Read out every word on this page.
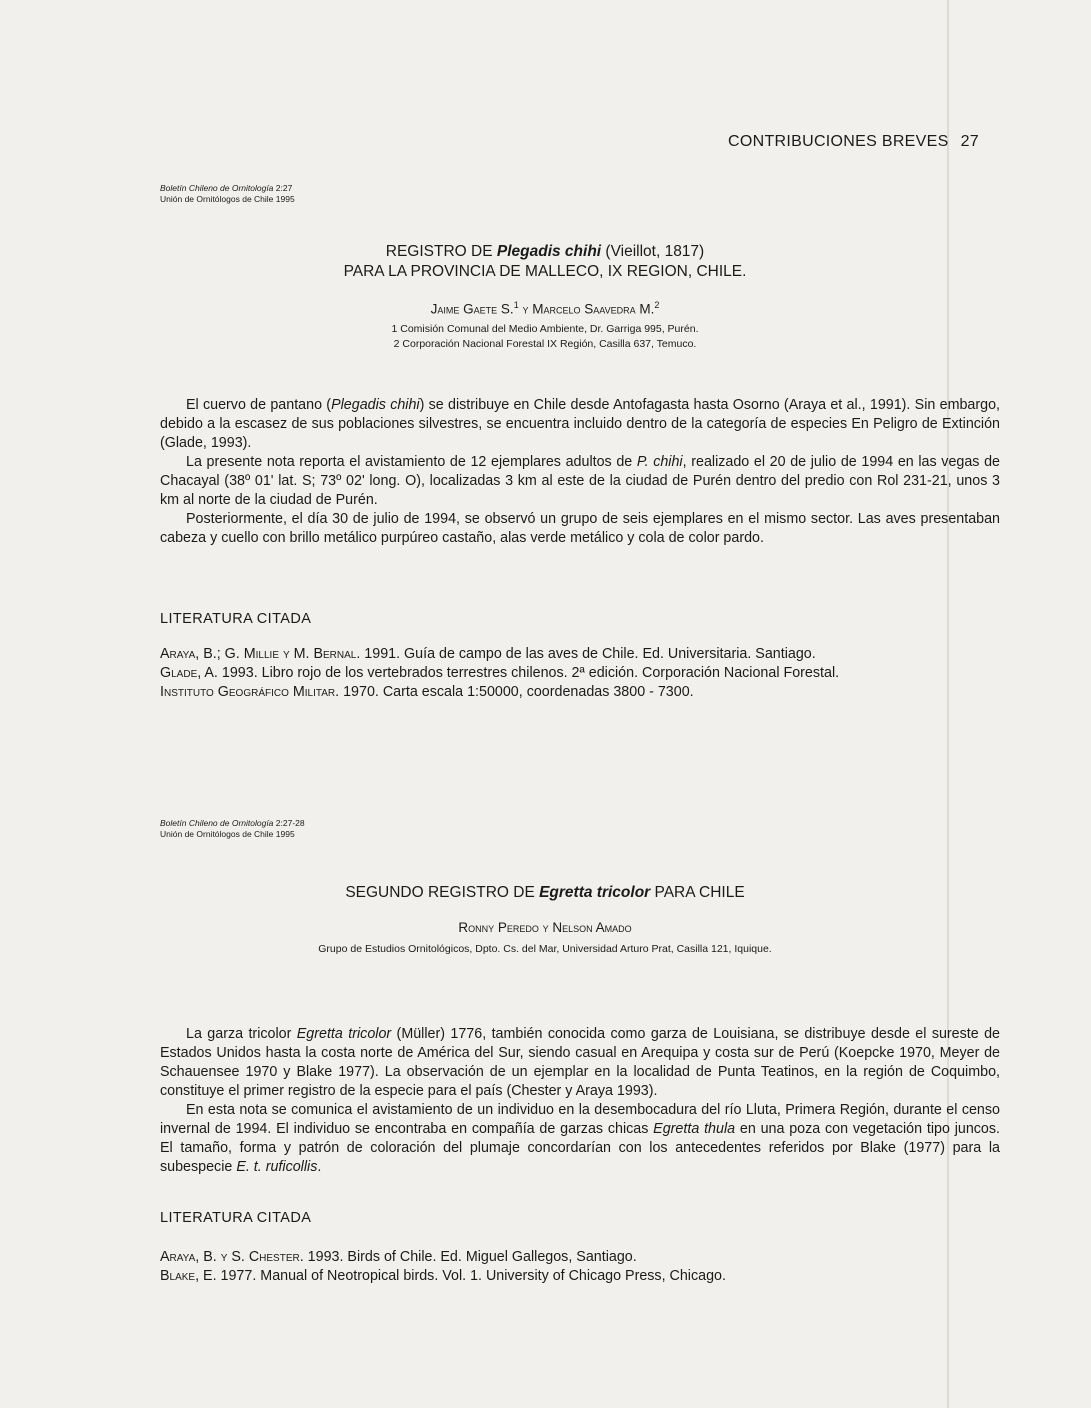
CONTRIBUCIONES BREVES 27
Boletín Chileno de Ornitología 2:27
Unión de Ornitólogos de Chile 1995
REGISTRO DE Plegadis chihi (Vieillot, 1817)
PARA LA PROVINCIA DE MALLECO, IX REGION, CHILE.
Jaime Gaete S.$^1$ y Marcelo Saavedra M.$^2$
1 Comisión Comunal del Medio Ambiente, Dr. Garriga 995, Purén.
2 Corporación Nacional Forestal IX Región, Casilla 637, Temuco.

El cuervo de pantano (Plegadis chihi) se distribuye en Chile desde Antofagasta hasta Osorno (Araya et al., 1991). Sin embargo, debido a la escasez de sus poblaciones silvestres, se encuentra incluido dentro de la categoría de especies En Peligro de Extinción (Glade, 1993).

La presente nota reporta el avistamiento de 12 ejemplares adultos de P. chihi, realizado el 20 de julio de 1994 en las vegas de Chacayal (38º 01' lat. S; 73º 02' long. O), localizadas 3 km al este de la ciudad de Purén dentro del predio con Rol 231-21, unos 3 km al norte de la ciudad de Purén.

Posteriormente, el día 30 de julio de 1994, se observó un grupo de seis ejemplares en el mismo sector. Las aves presentaban cabeza y cuello con brillo metálico purpúreo castaño, alas verde metálico y cola de color pardo.

LITERATURA CITADA

Araya, B.; G. Millie y M. Bernal. 1991. Guía de campo de las aves de Chile. Ed. Universitaria. Santiago.

Glade, A. 1993. Libro rojo de los vertebrados terrestres chilenos. 2ª edición. Corporación Nacional Forestal.

Instituto Geográfico Militar. 1970. Carta escala 1:50000, coordenadas 3800 - 7300.

Boletín Chileno de Ornitología 2:27-28
Unión de Ornitólogos de Chile 1995
SEGUNDO REGISTRO DE Egretta tricolor PARA CHILE
Ronny Peredo y Nelson Amado
Grupo de Estudios Ornitológicos, Dpto. Cs. del Mar, Universidad Arturo Prat, Casilla 121, Iquique.

La garza tricolor Egretta tricolor (Müller) 1776, también conocida como garza de Louisiana, se distribuye desde el sureste de Estados Unidos hasta la costa norte de América del Sur, siendo casual en Arequipa y costa sur de Perú (Koepcke 1970, Meyer de Schauensee 1970 y Blake 1977). La observación de un ejemplar en la localidad de Punta Teatinos, en la región de Coquimbo, constituye el primer registro de la especie para el país (Chester y Araya 1993).

En esta nota se comunica el avistamiento de un individuo en la desembocadura del río Lluta, Primera Región, durante el censo invernal de 1994. El individuo se encontraba en compañía de garzas chicas Egretta thula en una poza con vegetación tipo juncos. El tamaño, forma y patrón de coloración del plumaje concordarían con los antecedentes referidos por Blake (1977) para la subespecie E. t. ruficollis.

LITERATURA CITADA

Araya, B. y S. Chester. 1993. Birds of Chile. Ed. Miguel Gallegos, Santiago.

Blake, E. 1977. Manual of Neotropical birds. Vol. 1. University of Chicago Press, Chicago.
